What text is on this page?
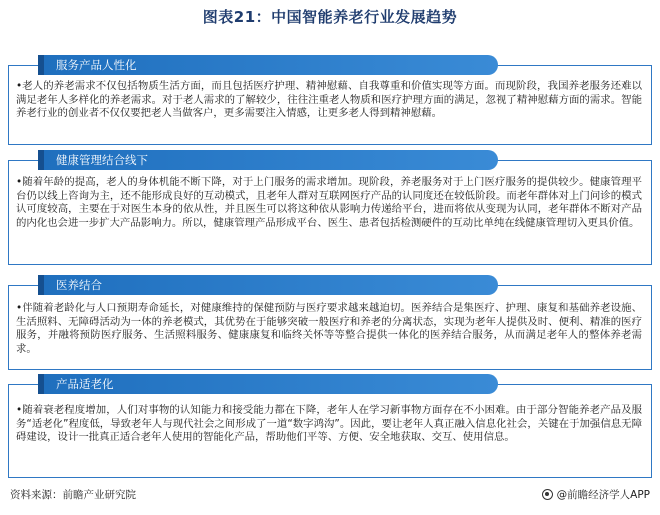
图表21：中国智能养老行业发展趋势
服务产品人性化
•老人的养老需求不仅包括物质生活方面，而且包括医疗护理、精神慰藉、自我尊重和价值实现等方面。而现阶段，我国养老服务还难以满足老年人多样化的养老需求。对于老人需求的了解较少，往往注重老人物质和医疗护理方面的满足，忽视了精神慰藉方面的需求。智能养老行业的创业者不仅仅要把老人当做客户，更多需要注入情感，让更多老人得到精神慰藉。
健康管理结合线下
•随着年龄的提高，老人的身体机能不断下降，对于上门服务的需求增加。现阶段，养老服务对于上门医疗服务的提供较少。健康管理平台仍以线上咨询为主，还不能形成良好的互动模式，且老年人群对互联网医疗产品的认同度还在较低阶段。而老年群体对上门问诊的模式认可度较高，主要在于对医生本身的依从性，并且医生可以将这种依从影响力传递给平台，进而将依从变现为认同，老年群体不断对产品的内化也会进一步扩大产品影响力。所以，健康管理产品形成平台、医生、患者包括检测硬件的互动比单纯在线健康管理切入更具价值。
医养结合
•伴随着老龄化与人口预期寿命延长，对健康维持的保健预防与医疗要求越来越迫切。医养结合是集医疗、护理、康复和基础养老设施、生活照料、无障碍活动为一体的养老模式，其优势在于能够突破一般医疗和养老的分离状态，实现为老年人提供及时、便利、精准的医疗服务，并融将预防医疗服务、生活照料服务、健康康复和临终关怀等等整合提供一体化的医养结合服务，从而满足老年人的整体养老需求。
产品适老化
•随着衰老程度增加，人们对事物的认知能力和接受能力都在下降，老年人在学习新事物方面存在不小困难。由于部分智能养老产品及服务“适老化”程度低，导致老年人与现代社会之间形成了一道“数字鸿沟”。因此，要让老年人真正融入信息化社会，关键在于加强信息无障碍建设，设计一批真正适合老年人使用的智能化产品，帮助他们平等、方便、安全地获取、交互、使用信息。
资料来源：前瞻产业研究院	@前瞻经济学人APP
